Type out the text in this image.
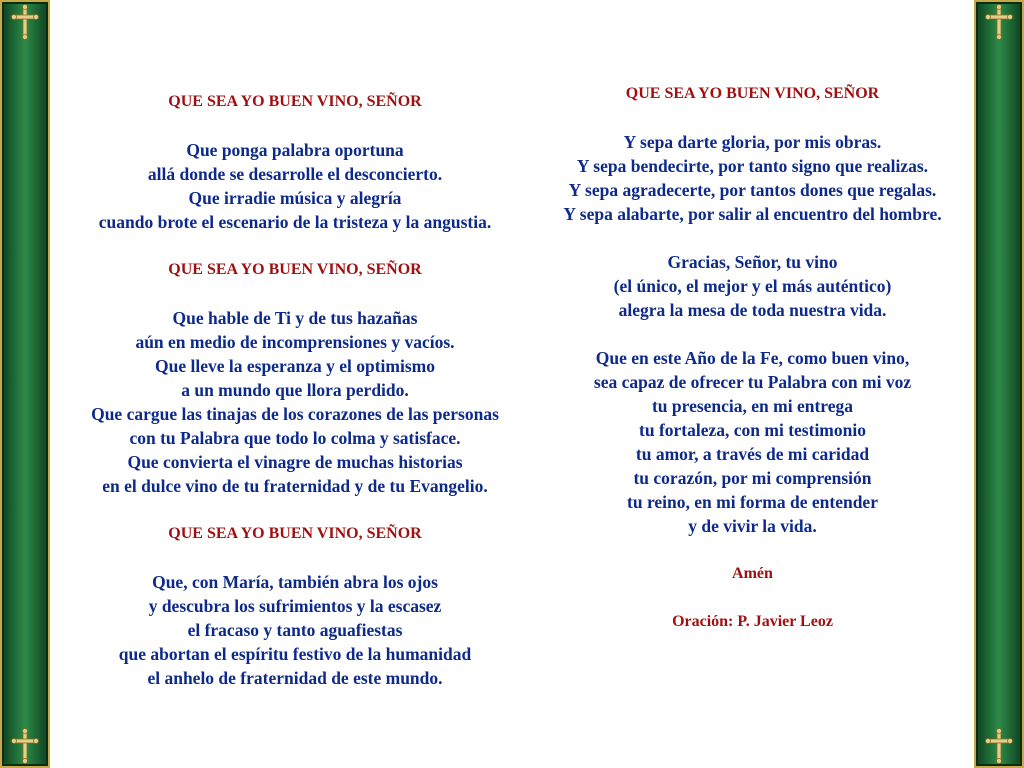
QUE SEA YO BUEN VINO, SEÑOR
Que ponga palabra oportuna
allá donde se desarrolle el desconcierto.
Que irradie música y alegría
cuando brote el escenario de la tristeza y la angustia.
QUE SEA YO BUEN VINO, SEÑOR
Que hable de Ti y de tus hazañas
aún en medio de incomprensiones y vacíos.
Que lleve la esperanza y el optimismo
a un mundo que llora perdido.
Que cargue las tinajas de los corazones de las personas
con tu Palabra que todo lo colma y satisface.
Que convierta el vinagre de muchas historias
en el dulce vino de tu fraternidad y de tu Evangelio.
QUE SEA YO BUEN VINO, SEÑOR
Que, con María, también abra los ojos
y descubra los sufrimientos y la escasez
el fracaso y tanto aguafiestas
que abortan el espíritu festivo de la humanidad
el anhelo de fraternidad de este mundo.
QUE SEA YO BUEN VINO, SEÑOR
Y sepa darte gloria, por mis obras.
Y sepa bendecirte, por tanto signo que realizas.
Y sepa agradecerte, por tantos dones que regalas.
Y sepa alabarte, por salir al encuentro del hombre.
Gracias, Señor, tu vino
(el único, el mejor y el más auténtico)
alegra la mesa de toda nuestra vida.
Que en este Año de la Fe, como buen vino,
sea capaz de ofrecer tu Palabra con mi voz
tu presencia, en mi entrega
tu fortaleza, con mi testimonio
tu amor, a través de mi caridad
tu corazón, por mi comprensión
tu reino, en mi forma de entender
y de vivir la vida.
Amén
Oración: P. Javier Leoz
